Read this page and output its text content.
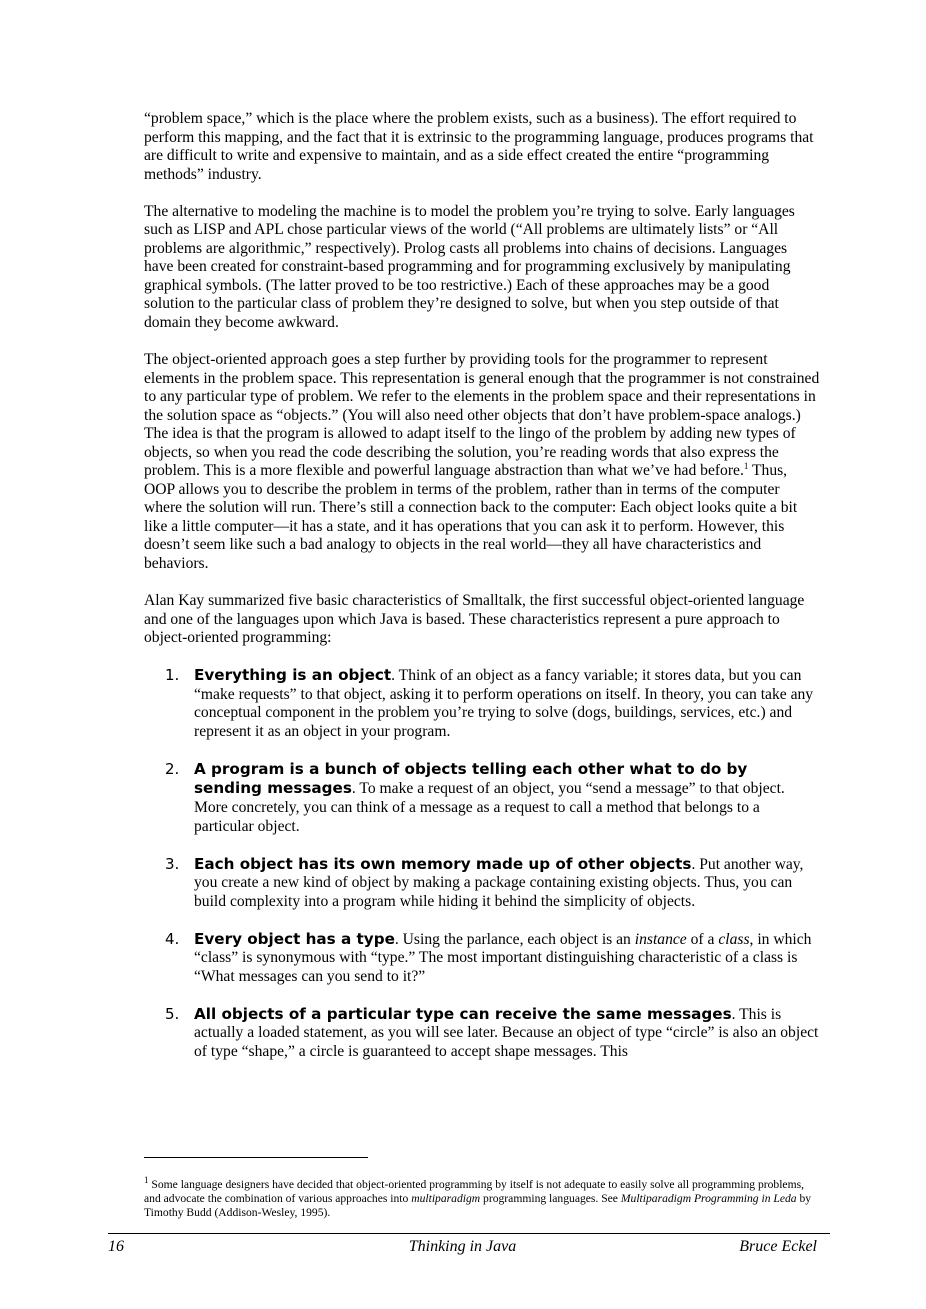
“problem space,” which is the place where the problem exists, such as a business). The effort required to perform this mapping, and the fact that it is extrinsic to the programming language, produces programs that are difficult to write and expensive to maintain, and as a side effect created the entire “programming methods” industry.

The alternative to modeling the machine is to model the problem you’re trying to solve. Early languages such as LISP and APL chose particular views of the world (“All problems are ultimately lists” or “All problems are algorithmic,” respectively). Prolog casts all problems into chains of decisions. Languages have been created for constraint-based programming and for programming exclusively by manipulating graphical symbols. (The latter proved to be too restrictive.) Each of these approaches may be a good solution to the particular class of problem they’re designed to solve, but when you step outside of that domain they become awkward.

The object-oriented approach goes a step further by providing tools for the programmer to represent elements in the problem space. This representation is general enough that the programmer is not constrained to any particular type of problem. We refer to the elements in the problem space and their representations in the solution space as “objects.” (You will also need other objects that don’t have problem-space analogs.) The idea is that the program is allowed to adapt itself to the lingo of the problem by adding new types of objects, so when you read the code describing the solution, you’re reading words that also express the problem. This is a more flexible and powerful language abstraction than what we’ve had before.$^1$ Thus, OOP allows you to describe the problem in terms of the problem, rather than in terms of the computer where the solution will run. There’s still a connection back to the computer: Each object looks quite a bit like a little computer—it has a state, and it has operations that you can ask it to perform. However, this doesn’t seem like such a bad analogy to objects in the real world—they all have characteristics and behaviors.

Alan Kay summarized five basic characteristics of Smalltalk, the first successful object-oriented language and one of the languages upon which Java is based. These characteristics represent a pure approach to object-oriented programming:

1. Everything is an object. Think of an object as a fancy variable; it stores data, but you can “make requests” to that object, asking it to perform operations on itself. In theory, you can take any conceptual component in the problem you’re trying to solve (dogs, buildings, services, etc.) and represent it as an object in your program.
2. A program is a bunch of objects telling each other what to do by sending messages. To make a request of an object, you “send a message” to that object. More concretely, you can think of a message as a request to call a method that belongs to a particular object.
3. Each object has its own memory made up of other objects. Put another way, you create a new kind of object by making a package containing existing objects. Thus, you can build complexity into a program while hiding it behind the simplicity of objects.
4. Every object has a type. Using the parlance, each object is an instance of a class, in which “class” is synonymous with “type.” The most important distinguishing characteristic of a class is “What messages can you send to it?”
5. All objects of a particular type can receive the same messages. This is actually a loaded statement, as you will see later. Because an object of type “circle” is also an object of type “shape,” a circle is guaranteed to accept shape messages. This
$^1$ Some language designers have decided that object-oriented programming by itself is not adequate to easily solve all programming problems, and advocate the combination of various approaches into multiparadigm programming languages. See Multiparadigm Programming in Leda by Timothy Budd (Addison-Wesley, 1995).
16	Thinking in Java	Bruce Eckel
